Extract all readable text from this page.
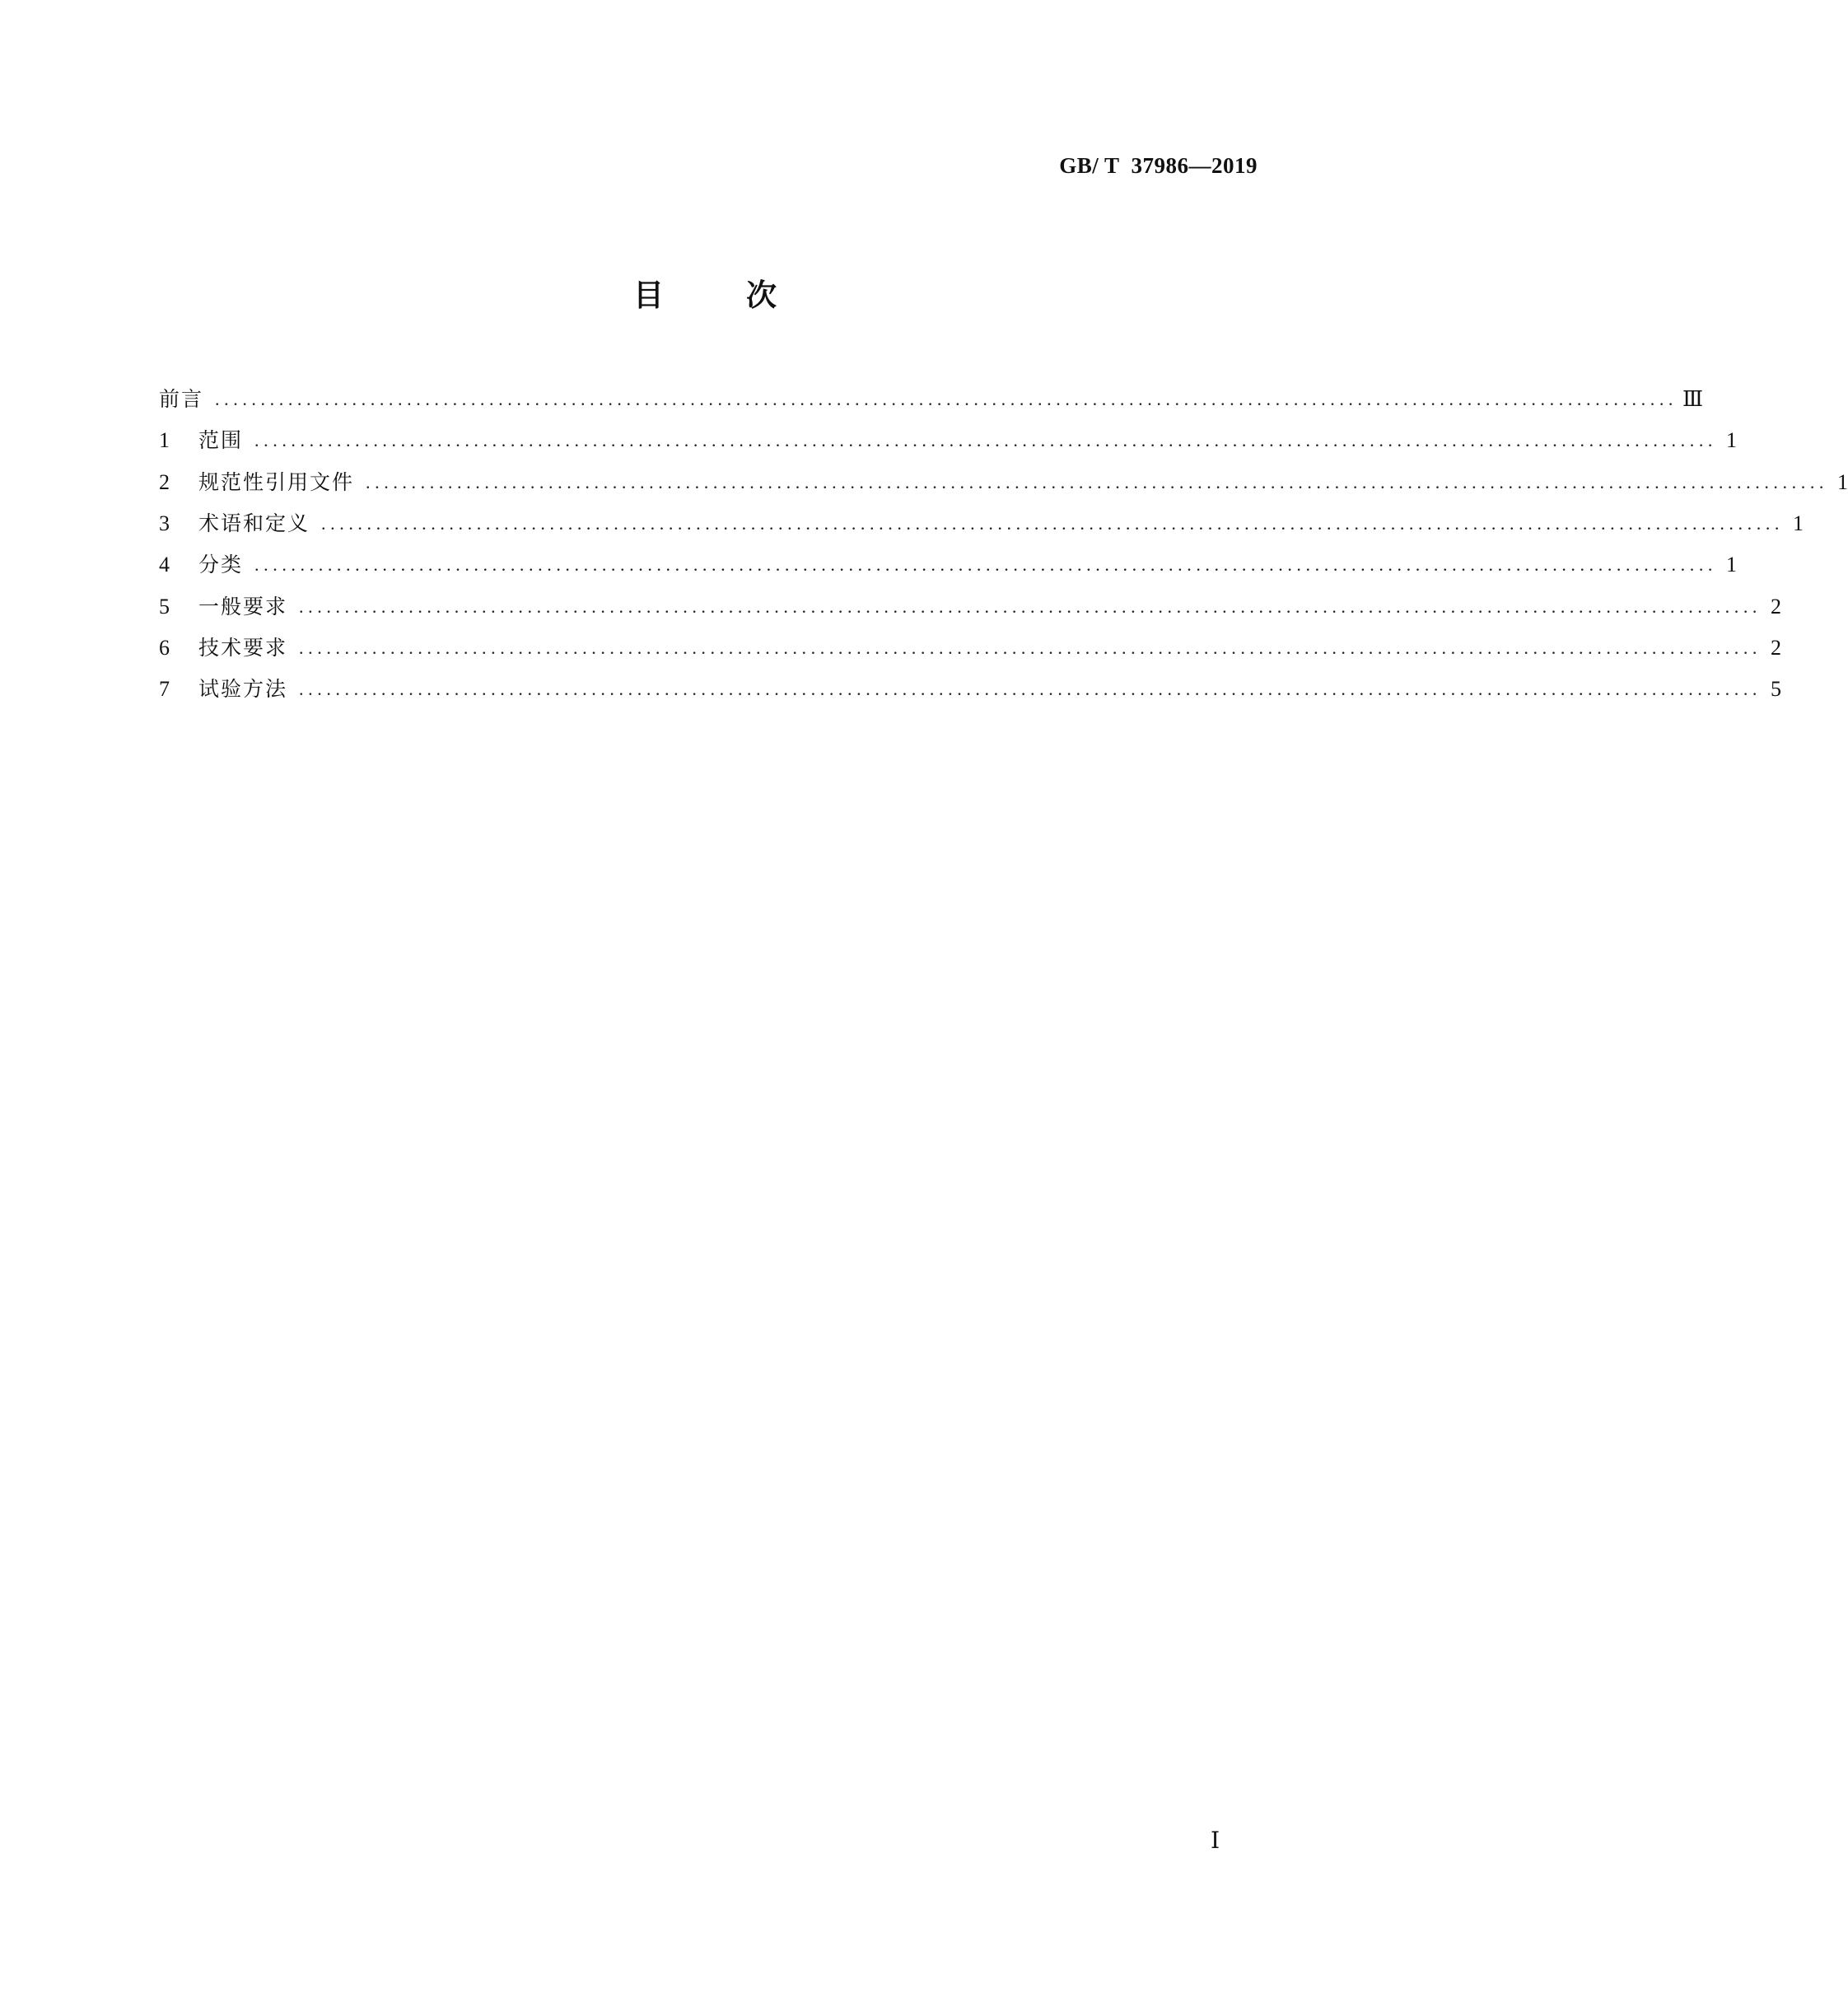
GB/ T  37986—2019
目次
前言 ................................................................................................................................................................ Ⅲ
1	范围 ................................................................................................................................................................ 1
2	规范性引用文件 ................................................................................................................................................................ 1
3	术语和定义 ................................................................................................................................................................ 1
4	分类 ................................................................................................................................................................ 1
5	一般要求 ................................................................................................................................................................ 2
6	技术要求 ................................................................................................................................................................ 2
7	试验方法 ................................................................................................................................................................ 5
Ⅰ
